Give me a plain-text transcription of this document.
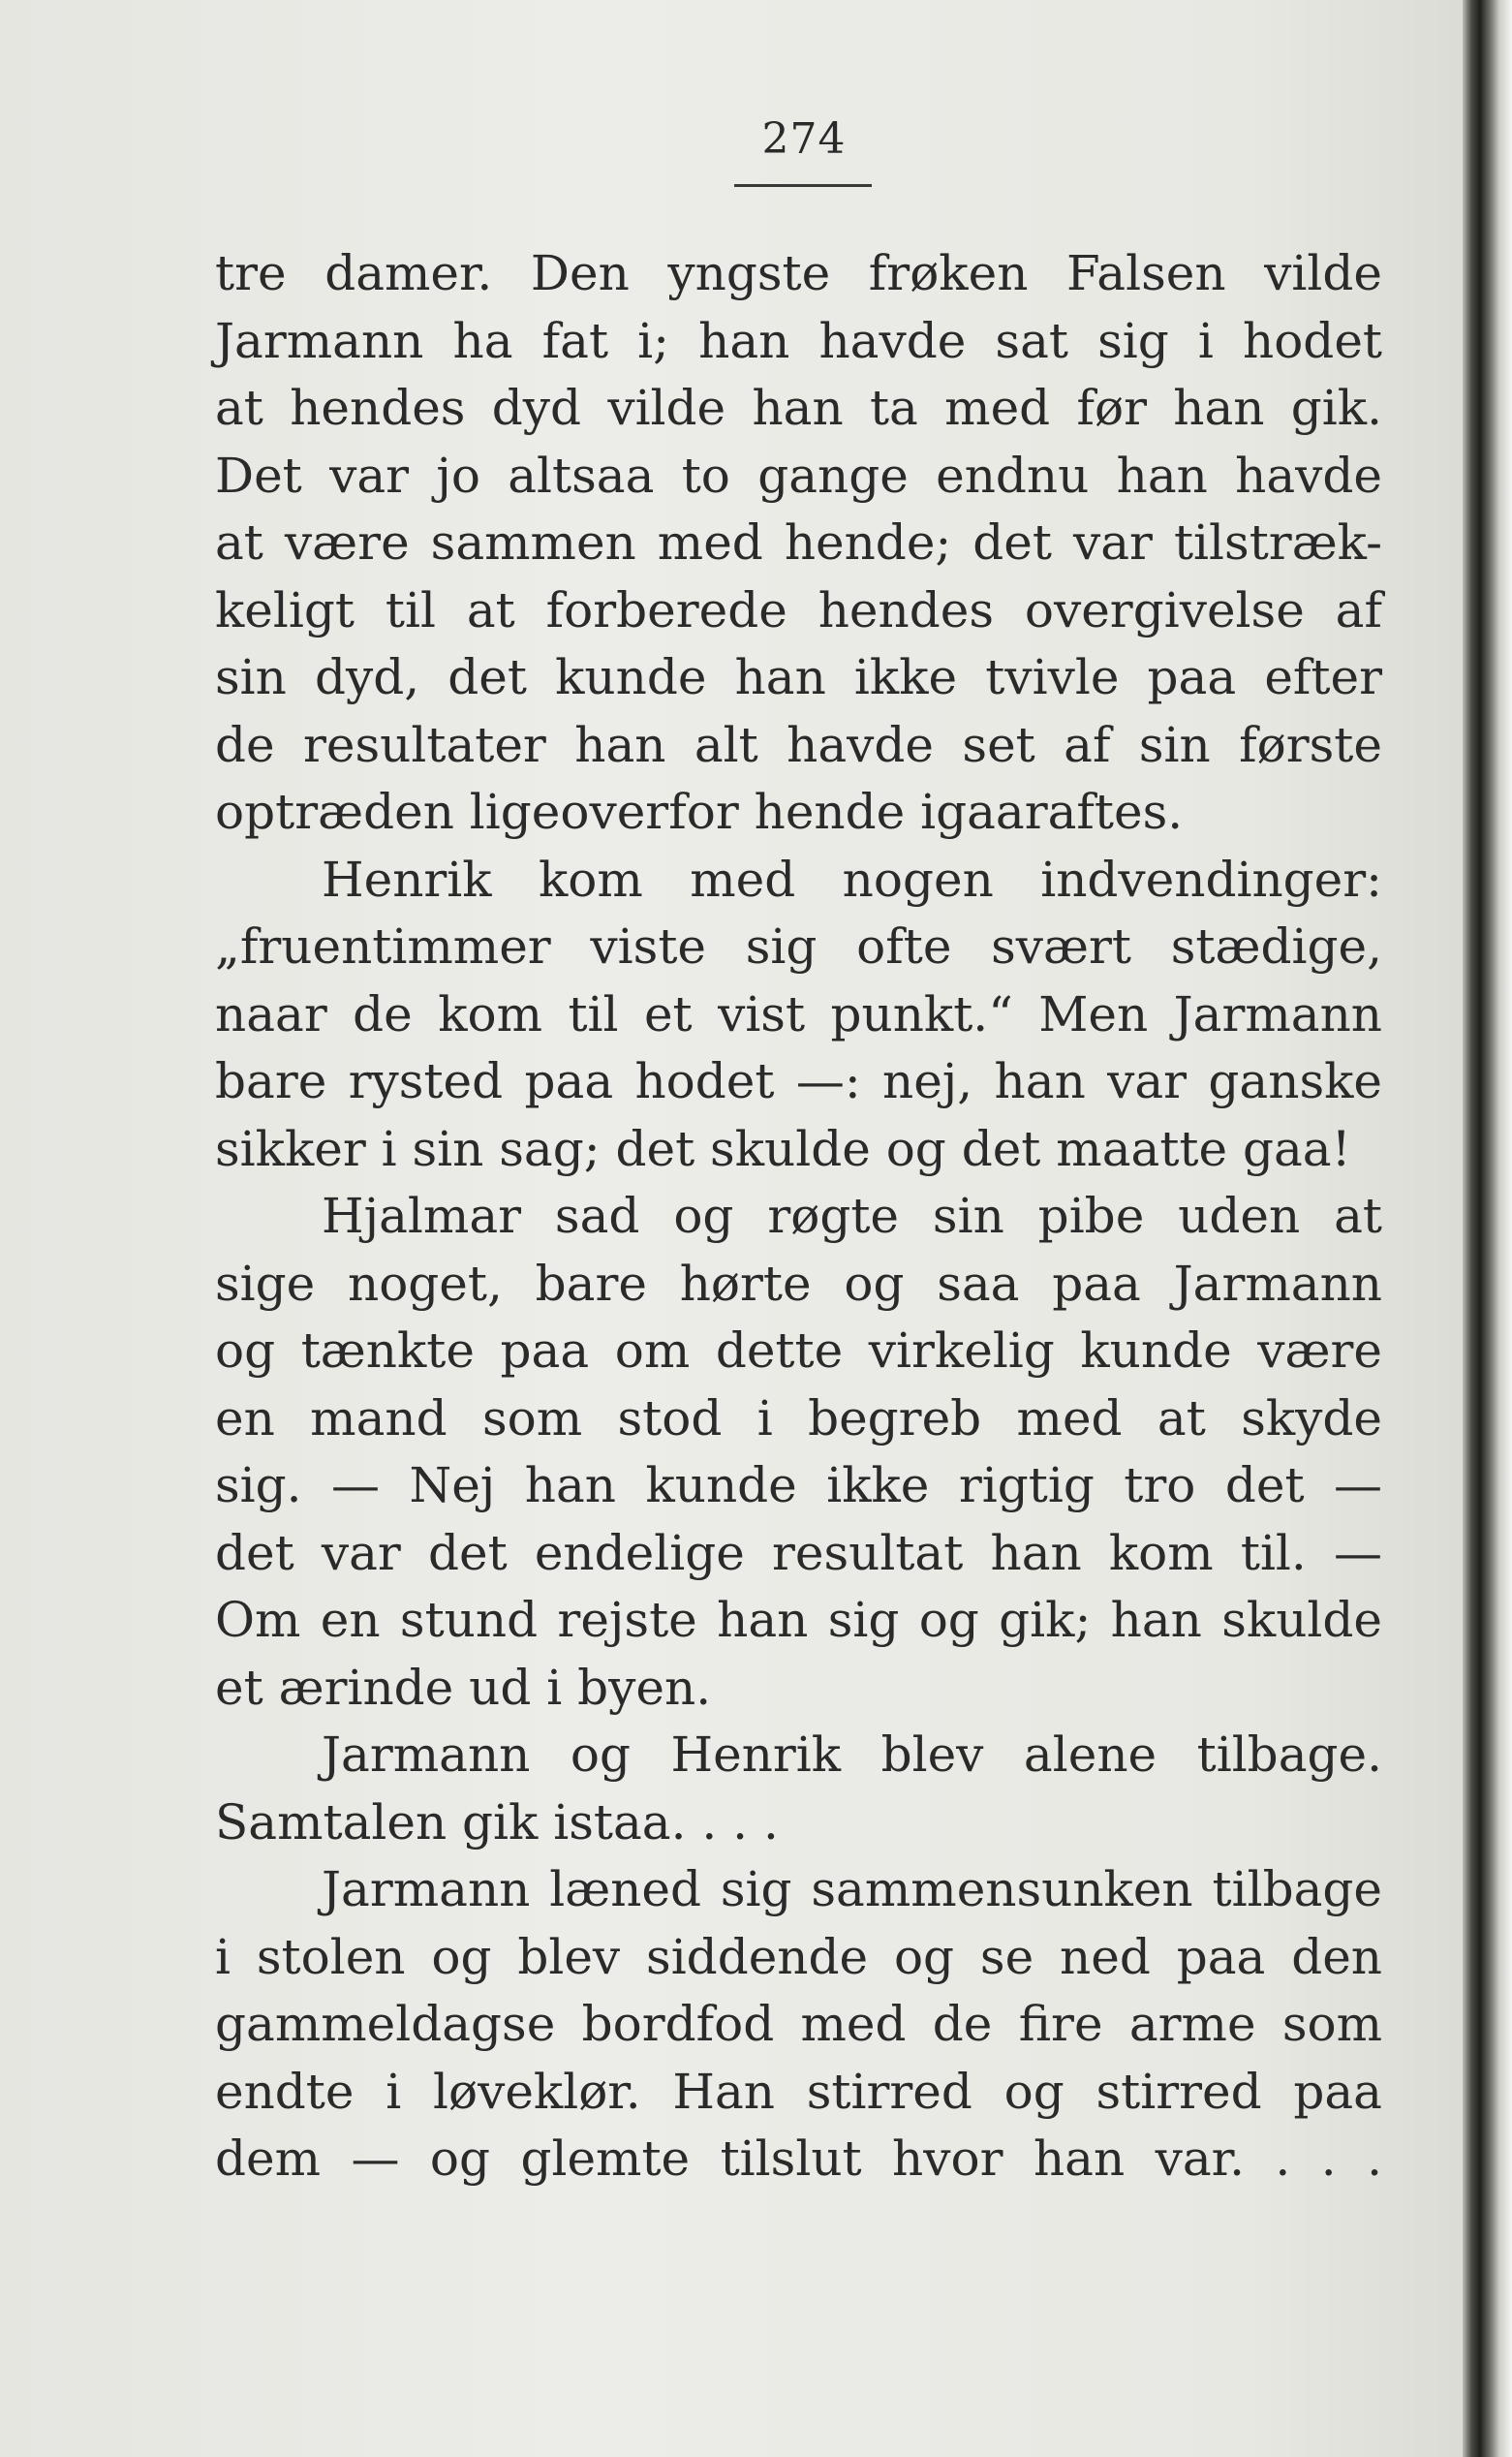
274
tre damer. Den yngste frøken Falsen vilde
Jarmann ha fat i; han havde sat sig i hodet
at hendes dyd vilde han ta med før han gik.
Det var jo altsaa to gange endnu han havde
at være sammen med hende; det var tilstræk-
keligt til at forberede hendes overgivelse af
sin dyd, det kunde han ikke tvivle paa efter
de resultater han alt havde set af sin første
optræden ligeoverfor hende igaaraftes.
Henrik kom med nogen indvendinger:
„fruentimmer viste sig ofte svært stædige,
naar de kom til et vist punkt.“ Men Jarmann
bare rysted paa hodet —: nej, han var ganske
sikker i sin sag; det skulde og det maatte gaa!
Hjalmar sad og røgte sin pibe uden at
sige noget, bare hørte og saa paa Jarmann
og tænkte paa om dette virkelig kunde være
en mand som stod i begreb med at skyde
sig. — Nej han kunde ikke rigtig tro det —
det var det endelige resultat han kom til. —
Om en stund rejste han sig og gik; han skulde
et ærinde ud i byen.
Jarmann og Henrik blev alene tilbage.
Samtalen gik istaa. . . .
Jarmann læned sig sammensunken tilbage
i stolen og blev siddende og se ned paa den
gammeldagse bordfod med de fire arme som
endte i løveklør. Han stirred og stirred paa
dem — og glemte tilslut hvor han var. . . .
